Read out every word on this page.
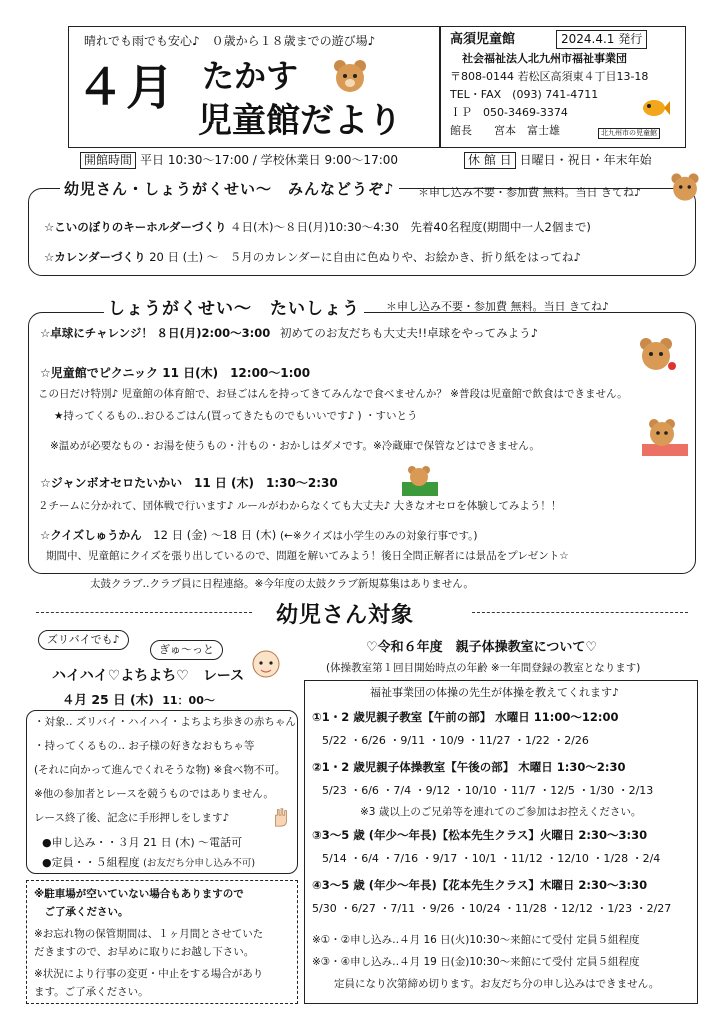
晴れでも雨でも安心♪　０歳から１８歳までの遊び場♪
４月 たかす
児童館だより
高須児童館	2024.4.1 発行
社会福祉法人北九州市福祉事業団
〒808-0144 若松区高須東４丁目13-18
TEL・FAX　(093) 741-4711
ＩＰ　050-3469-3374
館長　　宮本　富士雄	北九州市の児童館
開館時間 平日 10:30～17:00 / 学校休業日 9:00～17:00	休 館 日 日曜日・祝日・年末年始
幼児さん・しょうがくせい～　みんなどうぞ♪	＊申し込み不要・参加費 無料。当日 きてね♪
☆こいのぼりのキーホルダーづくり ４日(木)～８日(月)10:30～4:30　先着40名程度(期間中一人2個まで)
☆カレンダーづくり 20 日 (土) ～　５月のカレンダーに自由に色ぬりや、お絵かき、折り紙をはってね♪
しょうがくせい～　たいしょう	＊申し込み不要・参加費 無料。当日 きてね♪
☆卓球にチャレンジ！ ８日(月)2:00～3:00 初めてのお友だちも大丈夫!!卓球をやってみよう♪
☆児童館でピクニック 11 日(木)　12:00～1:00
この日だけ特別♪ 児童館の体育館で、お昼ごはんを持ってきてみんなで食べませんか？ ※普段は児童館で飲食はできません。
★持ってくるもの‥おひるごはん(買ってきたものでもいいです♪ ) ・すいとう
※温めが必要なもの・お湯を使うもの・汁もの・おかしはダメです。※冷蔵庫で保管などはできません。
☆ジャンボオセロたいかい 11 日 (木)　1:30～2:30
２チームに分かれて、団体戦で行います♪ ルールがわからなくても大丈夫♪ 大きなオセロを体験してみよう！！
☆クイズしゅうかん 12 日 (金) ～18 日 (木) (←※クイズは小学生のみの対象行事です。)
期間中、児童館にクイズを張り出しているので、問題を解いてみよう！後日全問正解者には景品をプレゼント☆
太鼓クラブ‥クラブ員に日程連絡。※今年度の太鼓クラブ新規募集はありません。
幼児さん対象
ズリバイでも♪
ぎゅ～っと
ハイハイ♡よちよち♡　レース
４月 25 日 (木) 11：00～
・対象‥ ズリバイ・ハイハイ・よちよち歩きの赤ちゃん
・持ってくるもの‥ お子様の好きなおもちゃ等
(それに向かって進んでくれそうな物) ※食べ物不可。
※他の参加者とレースを競うものではありません。
レース終了後、記念に手形押しをします♪
●申し込み・・３月 21 日 (木) ～電話可
●定員・・５組程度 (お友だち分申し込み不可)
※駐車場が空いていない場合もありますので
　ご了承ください。
※お忘れ物の保管期間は、１ヶ月間とさせていた
だきますので、お早めに取りにお越し下さい。
※状況により行事の変更・中止をする場合があり
ます。ご了承ください。
♡令和６年度　親子体操教室について♡
(体操教室第１回目開始時点の年齢 ※一年間登録の教室となります)
福祉事業団の体操の先生が体操を教えてくれます♪
①1・2 歳児親子教室【午前の部】 水曜日 11:00～12:00
5/22 ・6/26 ・9/11 ・10/9 ・11/27 ・1/22 ・2/26
②1・2 歳児親子体操教室【午後の部】 木曜日 1:30～2:30
5/23 ・6/6 ・7/4 ・9/12 ・10/10 ・11/7 ・12/5 ・1/30 ・2/13
※3 歳以上のご兄弟等を連れてのご参加はお控えください。
③3～5 歳 (年少～年長)【松本先生クラス】火曜日 2:30～3:30
5/14 ・6/4 ・7/16 ・9/17 ・10/1 ・11/12 ・12/10 ・1/28 ・2/4
④3～5 歳 (年少～年長)【花本先生クラス】木曜日 2:30～3:30
5/30 ・6/27 ・7/11 ・9/26 ・10/24 ・11/28 ・12/12 ・1/23 ・2/27
※①・②申し込み‥４月 16 日(火)10:30～来館にて受付 定員５組程度
※③・④申し込み‥４月 19 日(金)10:30～来館にて受付 定員５組程度
定員になり次第締め切ります。お友だち分の申し込みはできません。
